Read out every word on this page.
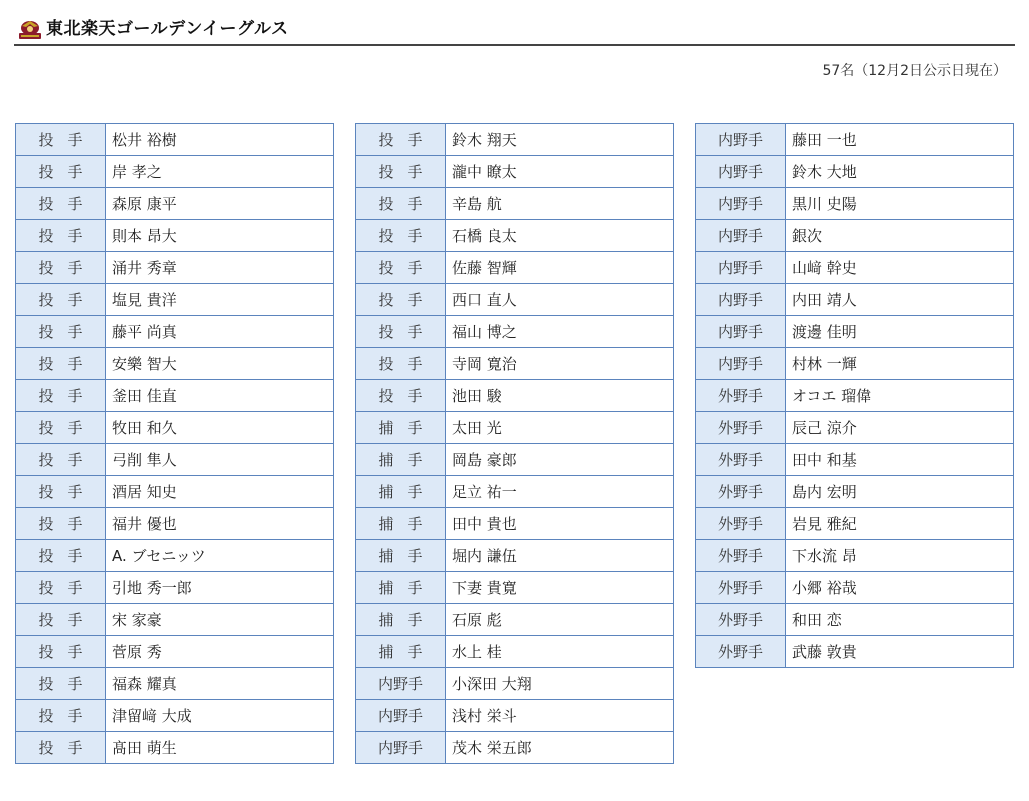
東北楽天ゴールデンイーグルス
57名（12月2日公示日現在）
投手	松井 裕樹
投手	岸 孝之
投手	森原 康平
投手	則本 昂大
投手	涌井 秀章
投手	塩見 貴洋
投手	藤平 尚真
投手	安樂 智大
投手	釜田 佳直
投手	牧田 和久
投手	弓削 隼人
投手	酒居 知史
投手	福井 優也
投手	A. ブセニッツ
投手	引地 秀一郎
投手	宋 家豪
投手	菅原 秀
投手	福森 耀真
投手	津留﨑 大成
投手	髙田 萌生
投手	鈴木 翔天
投手	瀧中 瞭太
投手	辛島 航
投手	石橋 良太
投手	佐藤 智輝
投手	西口 直人
投手	福山 博之
投手	寺岡 寛治
投手	池田 駿
捕手	太田 光
捕手	岡島 豪郎
捕手	足立 祐一
捕手	田中 貴也
捕手	堀内 謙伍
捕手	下妻 貴寛
捕手	石原 彪
捕手	水上 桂
内野手	小深田 大翔
内野手	浅村 栄斗
内野手	茂木 栄五郎
内野手	藤田 一也
内野手	鈴木 大地
内野手	黒川 史陽
内野手	銀次
内野手	山﨑 幹史
内野手	内田 靖人
内野手	渡邊 佳明
内野手	村林 一輝
外野手	オコエ 瑠偉
外野手	辰己 涼介
外野手	田中 和基
外野手	島内 宏明
外野手	岩見 雅紀
外野手	下水流 昂
外野手	小郷 裕哉
外野手	和田 恋
外野手	武藤 敦貴
